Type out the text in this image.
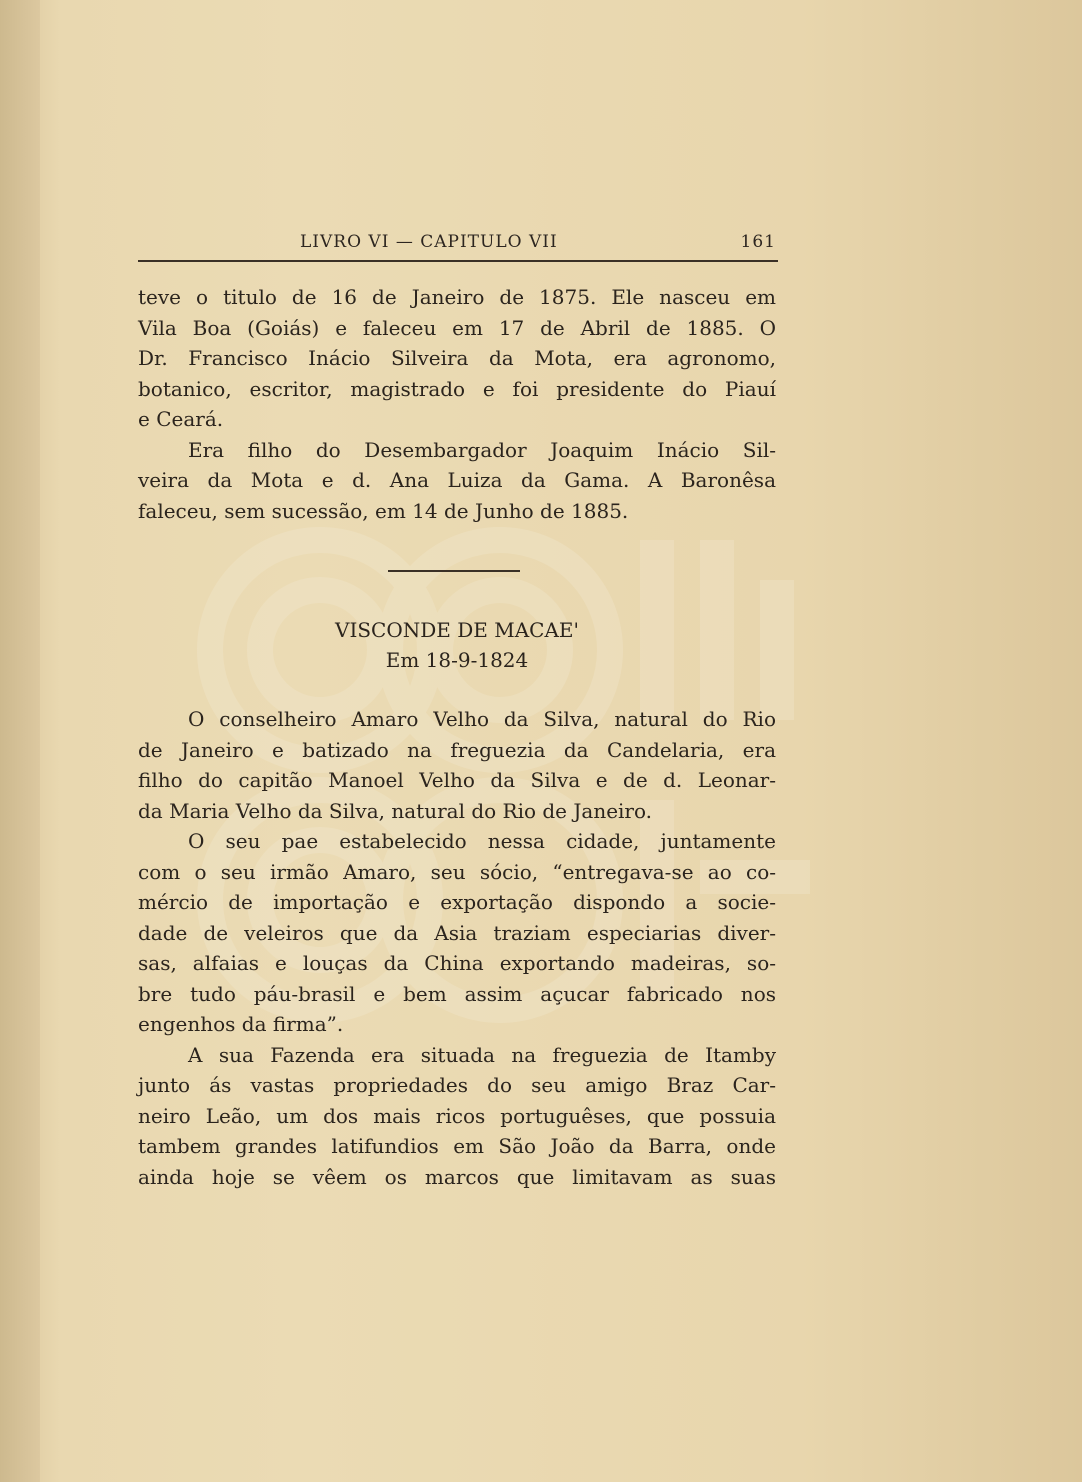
LIVRO VI — CAPITULO VII	161

teve o titulo de 16 de Janeiro de 1875. Ele nasceu em
Vila Boa (Goiás) e faleceu em 17 de Abril de 1885. O
Dr. Francisco Inácio Silveira da Mota, era agronomo,
botanico, escritor, magistrado e foi presidente do Piauí
e Ceará.

Era filho do Desembargador Joaquim Inácio Sil-
veira da Mota e d. Ana Luiza da Gama. A Baronêsa
faleceu, sem sucessão, em 14 de Junho de 1885.

VISCONDE DE MACAE'
Em 18-9-1824

O conselheiro Amaro Velho da Silva, natural do Rio
de Janeiro e batizado na freguezia da Candelaria, era
filho do capitão Manoel Velho da Silva e de d. Leonar-
da Maria Velho da Silva, natural do Rio de Janeiro.

O seu pae estabelecido nessa cidade, juntamente
com o seu irmão Amaro, seu sócio, “entregava-se ao co-
mércio de importação e exportação dispondo a socie-
dade de veleiros que da Asia traziam especiarias diver-
sas, alfaias e louças da China exportando madeiras, so-
bre tudo páu-brasil e bem assim açucar fabricado nos
engenhos da firma”.

A sua Fazenda era situada na freguezia de Itamby
junto ás vastas propriedades do seu amigo Braz Car-
neiro Leão, um dos mais ricos portuguêses, que possuia
tambem grandes latifundios em São João da Barra, onde
ainda hoje se vêem os marcos que limitavam as suas
